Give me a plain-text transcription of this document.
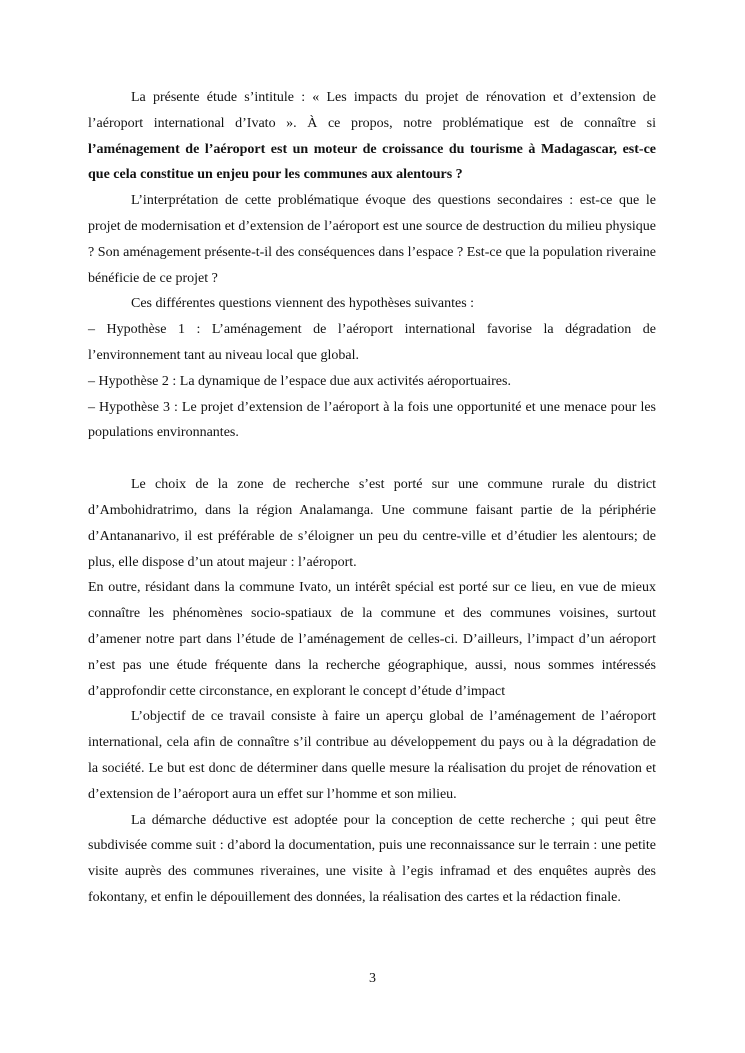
La présente étude s’intitule : « Les impacts du projet de rénovation et d’extension de l’aéroport international d’Ivato ». À ce propos, notre problématique est de connaître si l’aménagement de l’aéroport est un moteur de croissance du tourisme à Madagascar, est-ce que cela constitue un enjeu pour les communes aux alentours ?

L’interprétation de cette problématique évoque des questions secondaires : est-ce que le projet de modernisation et d’extension de l’aéroport est une source de destruction du milieu physique ? Son aménagement présente-t-il des conséquences dans l’espace ? Est-ce que la population riveraine bénéficie de ce projet ?

Ces différentes questions viennent des hypothèses suivantes :

– Hypothèse 1 : L’aménagement de l’aéroport international favorise la dégradation de l’environnement tant au niveau local que global.

– Hypothèse 2 : La dynamique de l’espace due aux activités aéroportuaires.

– Hypothèse 3 : Le projet d’extension de l’aéroport à la fois une opportunité et une menace pour les populations environnantes.

Le choix de la zone de recherche s’est porté sur une commune rurale du district d’Ambohidratrimo, dans la région Analamanga. Une commune faisant partie de la périphérie d’Antananarivo, il est préférable de s’éloigner un peu du centre-ville et d’étudier les alentours; de plus, elle dispose d’un atout majeur : l’aéroport.

En outre, résidant dans la commune Ivato, un intérêt spécial est porté sur ce lieu, en vue de mieux connaître les phénomènes socio-spatiaux de la commune et des communes voisines, surtout d’amener notre part dans l’étude de l’aménagement de celles-ci. D’ailleurs, l’impact d’un aéroport n’est pas une étude fréquente dans la recherche géographique, aussi, nous sommes intéressés d’approfondir cette circonstance, en explorant le concept d’étude d’impact

L’objectif de ce travail consiste à faire un aperçu global de l’aménagement de l’aéroport international, cela afin de connaître s’il contribue au développement du pays ou à la dégradation de la société. Le but est donc de déterminer dans quelle mesure la réalisation du projet de rénovation et d’extension de l’aéroport aura un effet sur l’homme et son milieu.

La démarche déductive est adoptée pour la conception de cette recherche ; qui peut être subdivisée comme suit : d’abord la documentation, puis une reconnaissance sur le terrain : une petite visite auprès des communes riveraines, une visite à l’egis inframad et des enquêtes auprès des fokontany, et enfin le dépouillement des données, la réalisation des cartes et la rédaction finale.

3
